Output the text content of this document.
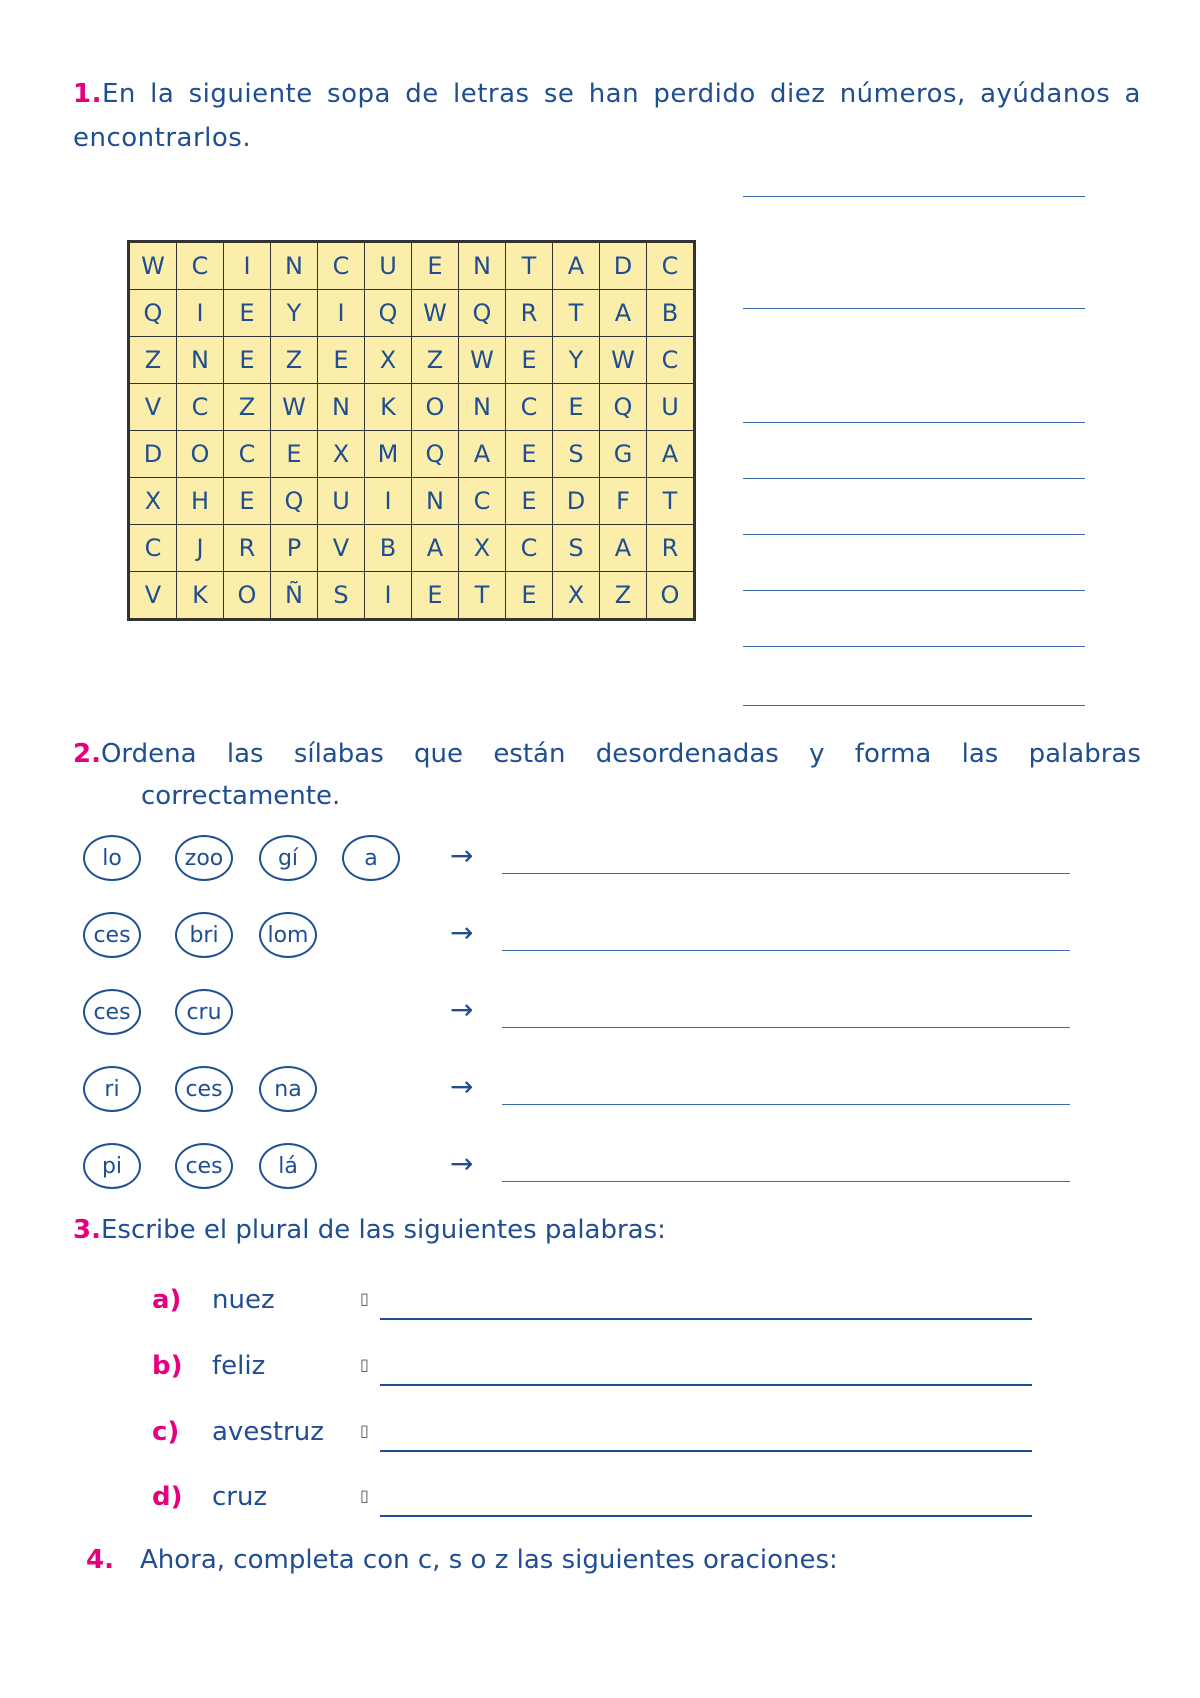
1.En la siguiente sopa de letras se han perdido diez números, ayúdanos a encontrarlos.
W	C	I	N	C	U	E	N	T	A	D	C
Q	I	E	Y	I	Q	W	Q	R	T	A	B
Z	N	E	Z	E	X	Z	W	E	Y	W	C
V	C	Z	W	N	K	O	N	C	E	Q	U
D	O	C	E	X	M	Q	A	E	S	G	A
X	H	E	Q	U	I	N	C	E	D	F	T
C	J	R	P	V	B	A	X	C	S	A	R
V	K	O	Ñ	S	I	E	T	E	X	Z	O
2.Ordena las sílabas que están desordenadas y forma las palabras
correctamente.
lo	zoo	gí	a	→
ces	bri	lom	→
ces	cru	→
ri	ces	na	→
pi	ces	lá	→
3.Escribe el plural de las siguientes palabras:
a) nuez	▯
b) feliz	▯
c) avestruz ▯
d) cruz	▯
4. Ahora, completa con c, s o z las siguientes oraciones:
